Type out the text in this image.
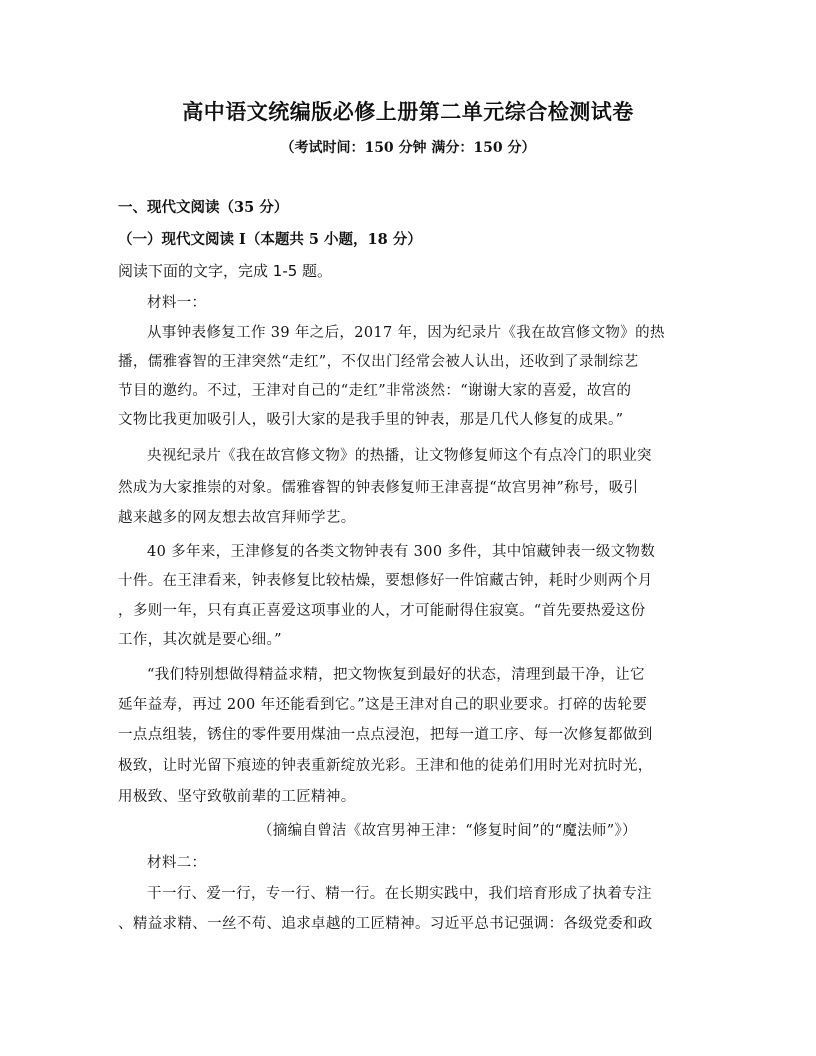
高中语文统编版必修上册第二单元综合检测试卷
（考试时间：150 分钟 满分：150 分）
一、现代文阅读（35 分）
（一）现代文阅读 I（本题共 5 小题，18 分）
阅读下面的文字，完成 1-5 题。
材料一：
从事钟表修复工作 39 年之后，2017 年，因为纪录片《我在故宫修文物》的热
播，儒雅睿智的王津突然“走红”，不仅出门经常会被人认出，还收到了录制综艺
节目的邀约。不过，王津对自己的“走红”非常淡然：“谢谢大家的喜爱，故宫的
文物比我更加吸引人，吸引大家的是我手里的钟表，那是几代人修复的成果。”
央视纪录片《我在故宫修文物》的热播，让文物修复师这个有点冷门的职业突
然成为大家推崇的对象。儒雅睿智的钟表修复师王津喜提“故宫男神”称号，吸引
越来越多的网友想去故宫拜师学艺。
40 多年来，王津修复的各类文物钟表有 300 多件，其中馆藏钟表一级文物数
十件。在王津看来，钟表修复比较枯燥，要想修好一件馆藏古钟，耗时少则两个月
，多则一年，只有真正喜爱这项事业的人，才可能耐得住寂寞。“首先要热爱这份
工作，其次就是要心细。”
“我们特别想做得精益求精，把文物恢复到最好的状态，清理到最干净，让它
延年益寿，再过 200 年还能看到它。”这是王津对自己的职业要求。打碎的齿轮要
一点点组装，锈住的零件要用煤油一点点浸泡，把每一道工序、每一次修复都做到
极致，让时光留下痕迹的钟表重新绽放光彩。王津和他的徒弟们用时光对抗时光，
用极致、坚守致敬前辈的工匠精神。
（摘编自曾洁《故宫男神王津：“修复时间”的“魔法师”》）
材料二：
干一行、爱一行，专一行、精一行。在长期实践中，我们培育形成了执着专注
、精益求精、一丝不苟、追求卓越的工匠精神。习近平总书记强调：各级党委和政
